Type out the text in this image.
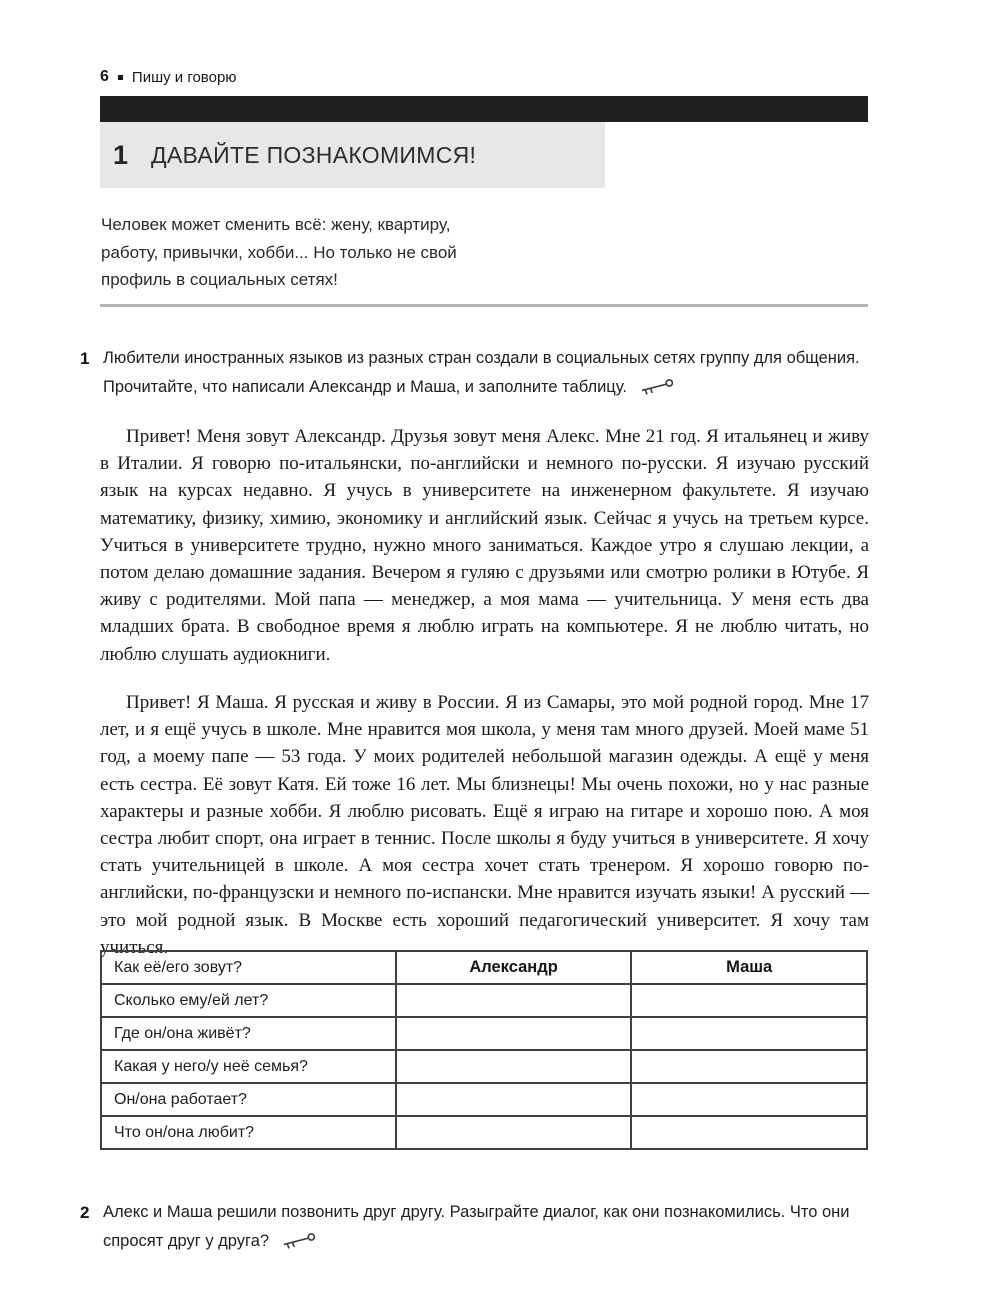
6 Пишу и говорю
1 ДАВАЙТЕ ПОЗНАКОМИМСЯ!
Человек может сменить всё: жену, квартиру,
работу, привычки, хобби... Но только не свой
профиль в социальных сетях!
1 Любители иностранных языков из разных стран создали в социальных сетях группу для общения.
Прочитайте, что написали Александр и Маша, и заполните таблицу.

Привет! Меня зовут Александр. Друзья зовут меня Алекс. Мне 21 год. Я итальянец и живу в Италии. Я говорю по-итальянски, по-английски и немного по-русски. Я изучаю русский язык на курсах недавно. Я учусь в университете на инженерном факультете. Я изучаю математику, физику, химию, экономику и английский язык. Сейчас я учусь на третьем курсе. Учиться в университете трудно, нужно много заниматься. Каждое утро я слушаю лекции, а потом делаю домашние задания. Вечером я гуляю с друзьями или смотрю ролики в Ютубе. Я живу с родителями. Мой папа — менеджер, а моя мама — учительница. У меня есть два младших брата. В свободное время я люблю играть на компьютере. Я не люблю читать, но люблю слушать аудиокниги.

Привет! Я Маша. Я русская и живу в России. Я из Самары, это мой родной город. Мне 17 лет, и я ещё учусь в школе. Мне нравится моя школа, у меня там много друзей. Моей маме 51 год, а моему папе — 53 года. У моих родителей небольшой магазин одежды. А ещё у меня есть сестра. Её зовут Катя. Ей тоже 16 лет. Мы близнецы! Мы очень похожи, но у нас разные характеры и разные хобби. Я люблю рисовать. Ещё я играю на гитаре и хорошо пою. А моя сестра любит спорт, она играет в теннис. После школы я буду учиться в университете. Я хочу стать учительницей в школе. А моя сестра хочет стать тренером. Я хорошо говорю по-английски, по-французски и немного по-испански. Мне нравится изучать языки! А русский — это мой родной язык. В Москве есть хороший педагогический университет. Я хочу там учиться.

Как её/его зовут?	Александр	Маша
Сколько ему/ей лет?		
Где он/она живёт?		
Какая у него/у неё семья?		
Он/она работает?		
Что он/она любит?		
2 Алекс и Маша решили позвонить друг другу. Разыграйте диалог, как они познакомились. Что они
спросят друг у друга?
